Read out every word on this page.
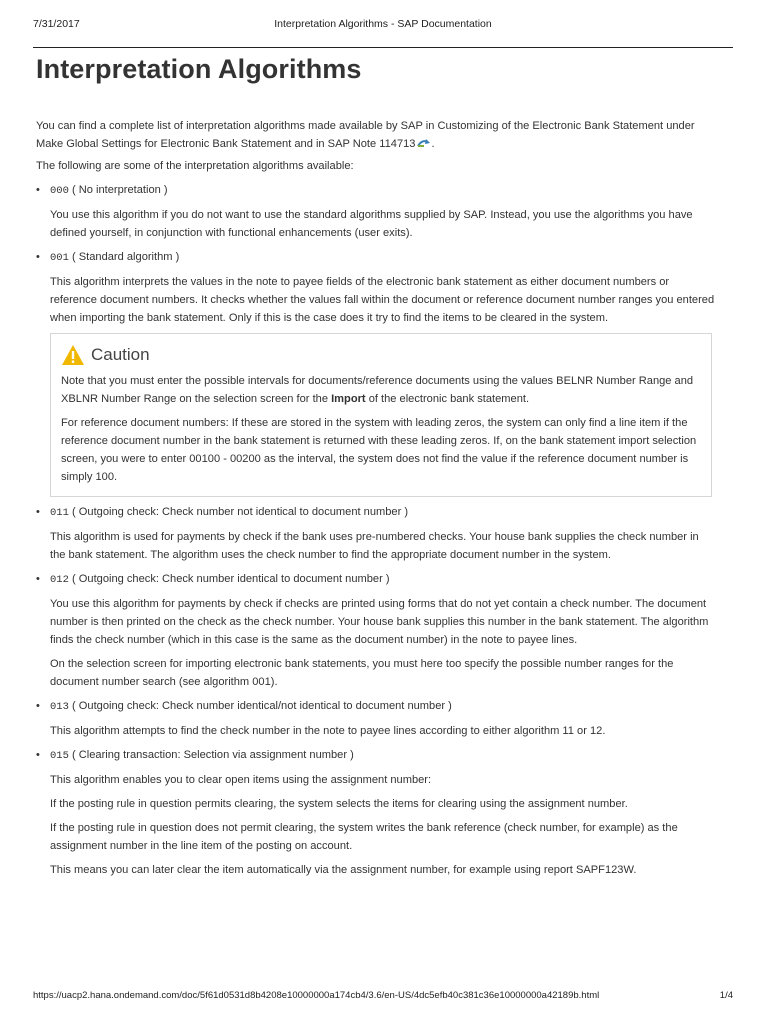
7/31/2017	Interpretation Algorithms - SAP Documentation
Interpretation Algorithms

You can find a complete list of interpretation algorithms made available by SAP in Customizing of the Electronic Bank Statement under Make Global Settings for Electronic Bank Statement and in SAP Note 114713 .

The following are some of the interpretation algorithms available:

• 000 ( No interpretation )

You use this algorithm if you do not want to use the standard algorithms supplied by SAP. Instead, you use the algorithms you have defined yourself, in conjunction with functional enhancements (user exits).

• 001 ( Standard algorithm )

This algorithm interprets the values in the note to payee fields of the electronic bank statement as either document numbers or reference document numbers. It checks whether the values fall within the document or reference document number ranges you entered when importing the bank statement. Only if this is the case does it try to find the items to be cleared in the system.

Caution

Note that you must enter the possible intervals for documents/reference documents using the values BELNR Number Range and XBLNR Number Range on the selection screen for the Import of the electronic bank statement.

For reference document numbers: If these are stored in the system with leading zeros, the system can only find a line item if the reference document number in the bank statement is returned with these leading zeros. If, on the bank statement import selection screen, you were to enter 00100 - 00200 as the interval, the system does not find the value if the reference document number is simply 100.

• 011 ( Outgoing check: Check number not identical to document number )

This algorithm is used for payments by check if the bank uses pre-numbered checks. Your house bank supplies the check number in the bank statement. The algorithm uses the check number to find the appropriate document number in the system.

• 012 ( Outgoing check: Check number identical to document number )

You use this algorithm for payments by check if checks are printed using forms that do not yet contain a check number. The document number is then printed on the check as the check number. Your house bank supplies this number in the bank statement. The algorithm finds the check number (which in this case is the same as the document number) in the note to payee lines.

On the selection screen for importing electronic bank statements, you must here too specify the possible number ranges for the document number search (see algorithm 001).

• 013 ( Outgoing check: Check number identical/not identical to document number )

This algorithm attempts to find the check number in the note to payee lines according to either algorithm 11 or 12.

• 015 ( Clearing transaction: Selection via assignment number )

This algorithm enables you to clear open items using the assignment number:

If the posting rule in question permits clearing, the system selects the items for clearing using the assignment number.

If the posting rule in question does not permit clearing, the system writes the bank reference (check number, for example) as the assignment number in the line item of the posting on account.

This means you can later clear the item automatically via the assignment number, for example using report SAPF123W.

https://uacp2.hana.ondemand.com/doc/5f61d0531d8b4208e10000000a174cb4/3.6/en-US/4dc5efb40c381c36e10000000a42189b.html	1/4
